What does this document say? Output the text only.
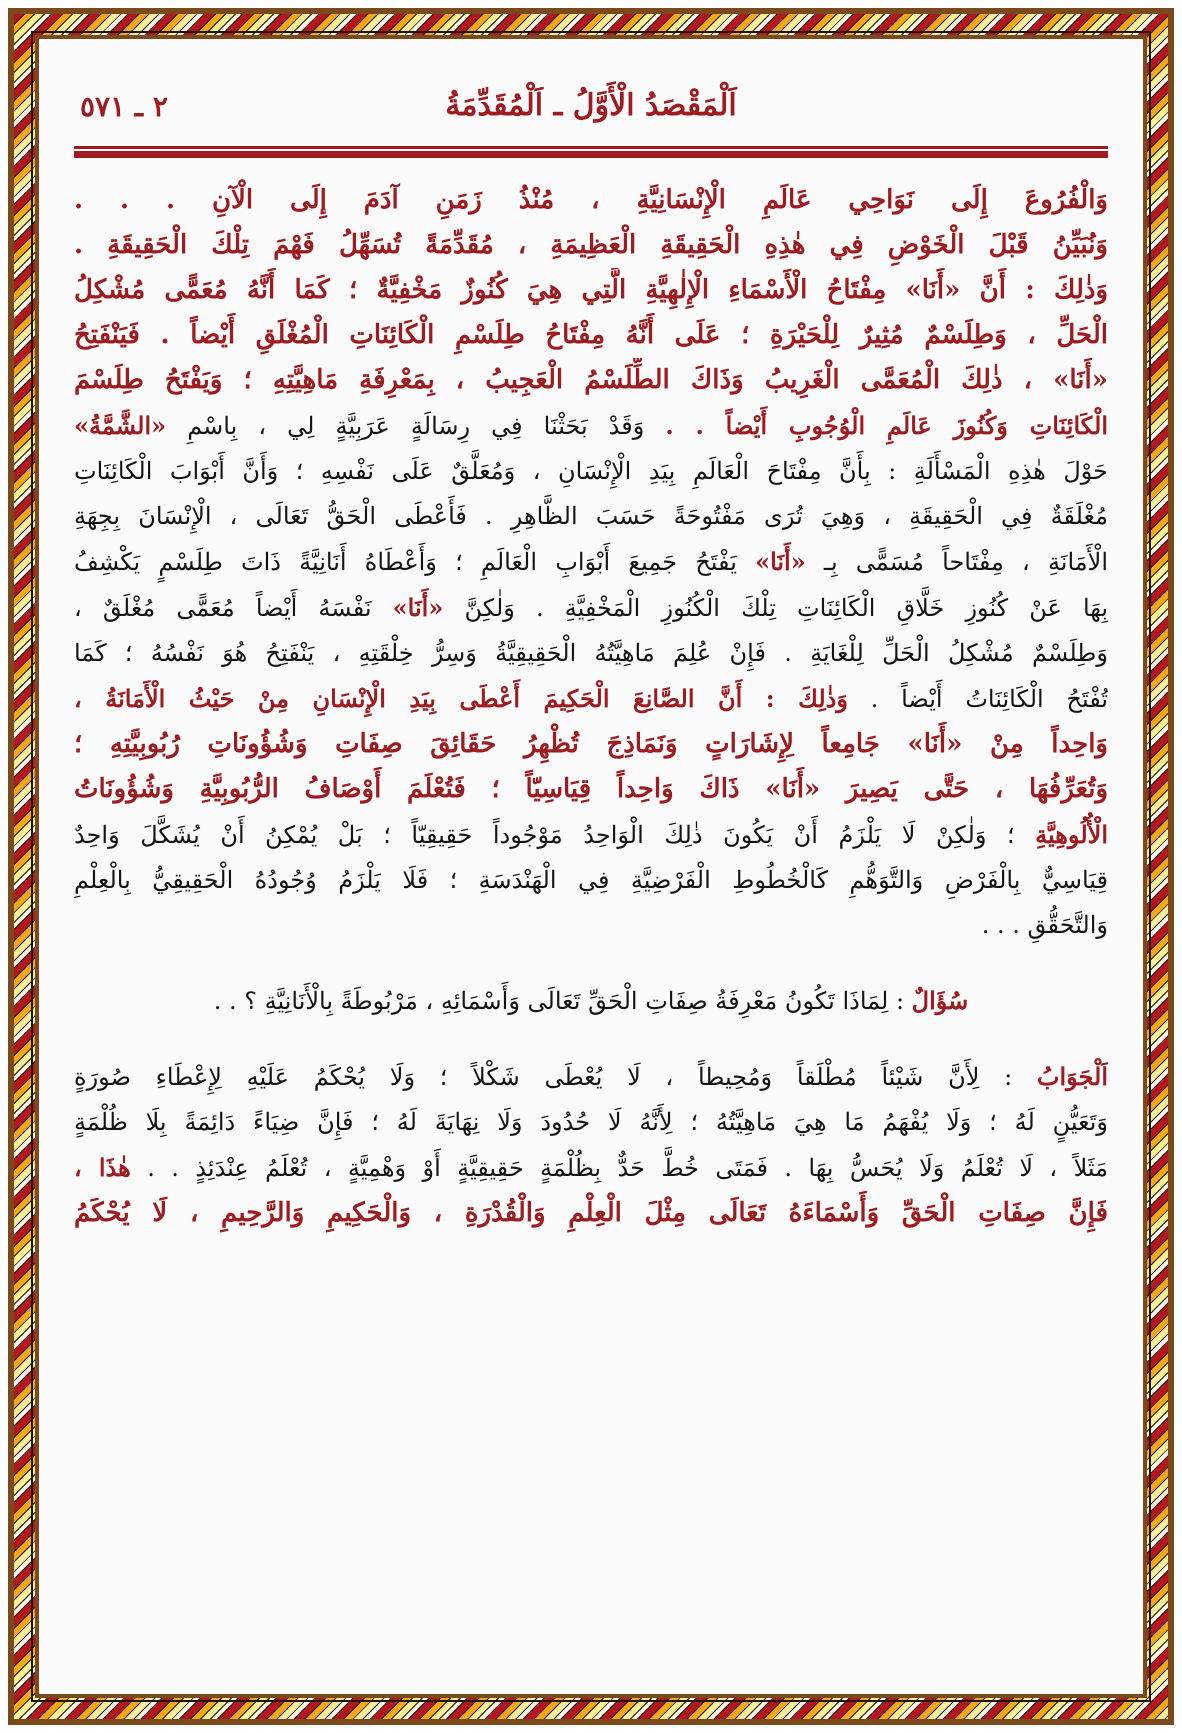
اَلْمَقْصَدُ الْأَوَّلُ ـ اَلْمُقَدِّمَةُ
٢ ـ ٥٧١
وَالْفُرُوعَ إِلَى نَوَاحِي عَالَمِ الْإِنْسَانِيَّةِ ، مُنْذُ زَمَنِ آدَمَ إِلَى الْآنِ . . .
وَنُبَيِّنُ قَبْلَ الْخَوْضِ فِي هٰذِهِ الْحَقِيقَةِ الْعَظِيمَةِ ، مُقَدِّمَةً تُسَهِّلُ فَهْمَ تِلْكَ الْحَقِيقَةِ .
وَذٰلِكَ : أَنَّ «أَنَا» مِفْتَاحُ الْأَسْمَاءِ الْإِلٰهِيَّةِ الَّتِي هِيَ كُنُوزٌ مَخْفِيَّةٌ ؛ كَمَا أَنَّهُ مُعَمًّى مُشْكِلُ
الْحَلِّ ، وَطِلَسْمٌ مُثِيرٌ لِلْحَيْرَةِ ؛ عَلَى أَنَّهُ مِفْتَاحُ طِلَسْمِ الْكَائِنَاتِ الْمُغْلَقِ أَيْضاً . فَيَنْفَتِحُ
«أَنَا» ، ذٰلِكَ الْمُعَمَّى الْغَرِيبُ وَذَاكَ الطِّلَسْمُ الْعَجِيبُ ، بِمَعْرِفَةِ مَاهِيَّتِهِ ؛ وَيَفْتَحُ طِلَسْمَ
الْكَائِنَاتِ وَكُنُوزَ عَالَمِ الْوُجُوبِ أَيْضاً . . وَقَدْ بَحَثْنَا فِي رِسَالَةٍ عَرَبِيَّةٍ لِي ، بِاسْمِ «الشَّمَّةُ»
حَوْلَ هٰذِهِ الْمَسْأَلَةِ : بِأَنَّ مِفْتَاحَ الْعَالَمِ بِيَدِ الْإِنْسَانِ ، وَمُعَلَّقٌ عَلَى نَفْسِهِ ؛ وَأَنَّ أَبْوَابَ الْكَائِنَاتِ
مُغْلَقَةٌ فِي الْحَقِيقَةِ ، وَهِيَ تُرَى مَفْتُوحَةً حَسَبَ الظَّاهِرِ . فَأَعْطَى الْحَقُّ تَعَالَى ، الْإِنْسَانَ بِجِهَةِ
الْأَمَانَةِ ، مِفْتَاحاً مُسَمًّى بِـ «أَنَا» يَفْتَحُ جَمِيعَ أَبْوَابِ الْعَالَمِ ؛ وَأَعْطَاهُ أَنَانِيَّةً ذَاتَ طِلَسْمٍ يَكْشِفُ
بِهَا عَنْ كُنُوزِ خَلَّاقِ الْكَائِنَاتِ تِلْكَ الْكُنُوزِ الْمَخْفِيَّةِ . وَلٰكِنَّ «أَنَا» نَفْسَهُ أَيْضاً مُعَمًّى مُغْلَقٌ ،
وَطِلَسْمٌ مُشْكِلُ الْحَلِّ لِلْغَايَةِ . فَإِنْ عُلِمَ مَاهِيَّتُهُ الْحَقِيقِيَّةُ وَسِرُّ خِلْقَتِهِ ، يَنْفَتِحُ هُوَ نَفْسُهُ ؛ كَمَا
تُفْتَحُ الْكَائِنَاتُ أَيْضاً . وَذٰلِكَ : أَنَّ الصَّانِعَ الْحَكِيمَ أَعْطَى بِيَدِ الْإِنْسَانِ مِنْ حَيْثُ الْأَمَانَةُ ،
وَاحِداً مِنْ «أَنَا» جَامِعاً لِإِشَارَاتٍ وَنَمَاذِجَ تُظْهِرُ حَقَائِقَ صِفَاتِ وَشُؤُونَاتِ رُبُوبِيَّتِهِ ؛
وَتُعَرِّفُهَا ، حَتَّى يَصِيرَ «أَنَا» ذَاكَ وَاحِداً قِيَاسِيّاً ؛ فَتُعْلَمَ أَوْصَافُ الرُّبُوبِيَّةِ وَشُؤُونَاتُ
الْأُلُوهِيَّةِ ؛ وَلٰكِنْ لَا يَلْزَمُ أَنْ يَكُونَ ذٰلِكَ الْوَاحِدُ مَوْجُوداً حَقِيقِيّاً ؛ بَلْ يُمْكِنُ أَنْ يُشَكَّلَ وَاحِدٌ
قِيَاسِيٌّ بِالْفَرْضِ وَالتَّوَهُّمِ كَالْخُطُوطِ الْفَرْضِيَّةِ فِي الْهَنْدَسَةِ ؛ فَلَا يَلْزَمُ وُجُودُهُ الْحَقِيقِيُّ بِالْعِلْمِ
وَالتَّحَقُّقِ . . .
سُؤَالٌ : لِمَاذَا تَكُونُ مَعْرِفَةُ صِفَاتِ الْحَقِّ تَعَالَى وَأَسْمَائِهِ ، مَرْبُوطَةً بِالْأَنَانِيَّةِ ؟ . .
اَلْجَوَابُ : لِأَنَّ شَيْئاً مُطْلَقاً وَمُحِيطاً ، لَا يُعْطَى شَكْلاً ؛ وَلَا يُحْكَمُ عَلَيْهِ لِإِعْطَاءِ صُورَةٍ
وَتَعَيُّنٍ لَهُ ؛ وَلَا يُفْهَمُ مَا هِيَ مَاهِيَّتُهُ ؛ لِأَنَّهُ لَا حُدُودَ وَلَا نِهَايَةَ لَهُ ؛ فَإِنَّ ضِيَاءً دَائِمَةً بِلَا ظُلْمَةٍ
مَثَلاً ، لَا تُعْلَمُ وَلَا يُحَسُّ بِهَا . فَمَتَى خُطَّ حَدٌّ بِظُلْمَةٍ حَقِيقِيَّةٍ أَوْ وَهْمِيَّةٍ ، تُعْلَمُ عِنْدَئِذٍ . . هٰذَا ،
فَإِنَّ صِفَاتِ الْحَقِّ وَأَسْمَاءَهُ تَعَالَى مِثْلَ الْعِلْمِ وَالْقُدْرَةِ ، وَالْحَكِيمِ وَالرَّحِيمِ ، لَا يُحْكَمُ
